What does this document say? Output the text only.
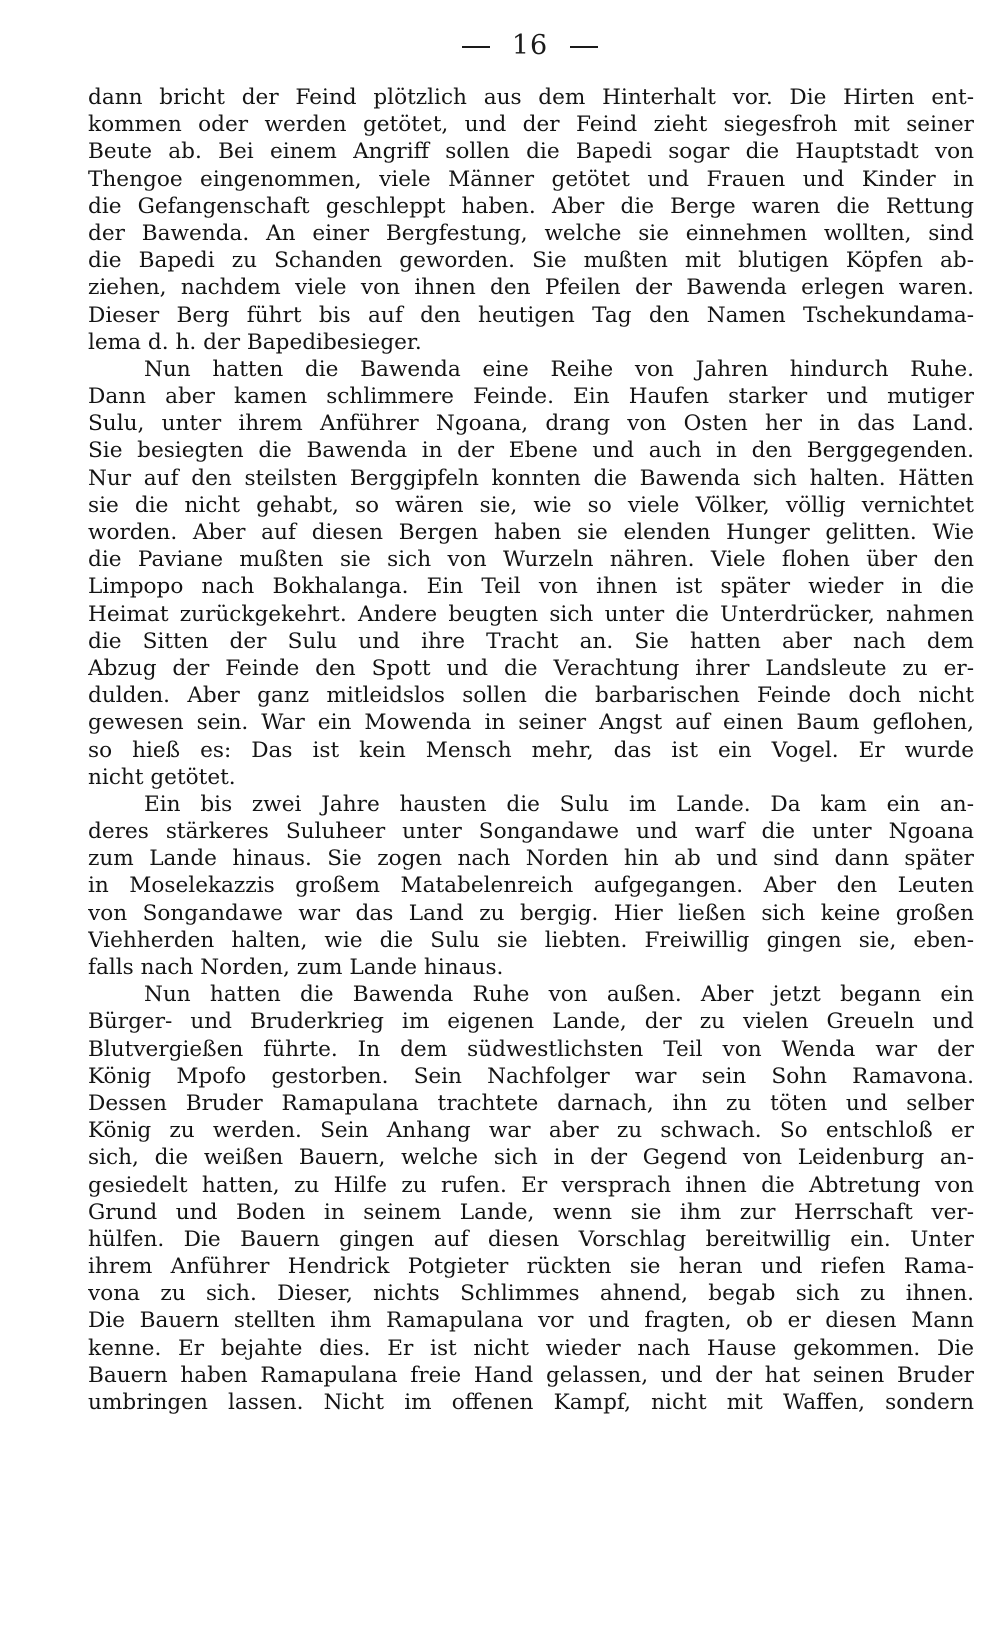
16
dann bricht der Feind plötzlich aus dem Hinterhalt vor. Die Hirten ent-
kommen oder werden getötet, und der Feind zieht siegesfroh mit seiner
Beute ab. Bei einem Angriff sollen die Bapedi sogar die Hauptstadt von
Thengoe eingenommen, viele Männer getötet und Frauen und Kinder in
die Gefangenschaft geschleppt haben. Aber die Berge waren die Rettung
der Bawenda. An einer Bergfestung, welche sie einnehmen wollten, sind
die Bapedi zu Schanden geworden. Sie mußten mit blutigen Köpfen ab-
ziehen, nachdem viele von ihnen den Pfeilen der Bawenda erlegen waren.
Dieser Berg führt bis auf den heutigen Tag den Namen Tschekundama-
lema d. h. der Bapedibesieger.
Nun hatten die Bawenda eine Reihe von Jahren hindurch Ruhe.
Dann aber kamen schlimmere Feinde. Ein Haufen starker und mutiger
Sulu, unter ihrem Anführer Ngoana, drang von Osten her in das Land.
Sie besiegten die Bawenda in der Ebene und auch in den Berggegenden.
Nur auf den steilsten Berggipfeln konnten die Bawenda sich halten. Hätten
sie die nicht gehabt, so wären sie, wie so viele Völker, völlig vernichtet
worden. Aber auf diesen Bergen haben sie elenden Hunger gelitten. Wie
die Paviane mußten sie sich von Wurzeln nähren. Viele flohen über den
Limpopo nach Bokhalanga. Ein Teil von ihnen ist später wieder in die
Heimat zurückgekehrt. Andere beugten sich unter die Unterdrücker, nahmen
die Sitten der Sulu und ihre Tracht an. Sie hatten aber nach dem
Abzug der Feinde den Spott und die Verachtung ihrer Landsleute zu er-
dulden. Aber ganz mitleidslos sollen die barbarischen Feinde doch nicht
gewesen sein. War ein Mowenda in seiner Angst auf einen Baum geflohen,
so hieß es: Das ist kein Mensch mehr, das ist ein Vogel. Er wurde
nicht getötet.
Ein bis zwei Jahre hausten die Sulu im Lande. Da kam ein an-
deres stärkeres Suluheer unter Songandawe und warf die unter Ngoana
zum Lande hinaus. Sie zogen nach Norden hin ab und sind dann später
in Moselekazzis großem Matabelenreich aufgegangen. Aber den Leuten
von Songandawe war das Land zu bergig. Hier ließen sich keine großen
Viehherden halten, wie die Sulu sie liebten. Freiwillig gingen sie, eben-
falls nach Norden, zum Lande hinaus.
Nun hatten die Bawenda Ruhe von außen. Aber jetzt begann ein
Bürger- und Bruderkrieg im eigenen Lande, der zu vielen Greueln und
Blutvergießen führte. In dem südwestlichsten Teil von Wenda war der
König Mpofo gestorben. Sein Nachfolger war sein Sohn Ramavona.
Dessen Bruder Ramapulana trachtete darnach, ihn zu töten und selber
König zu werden. Sein Anhang war aber zu schwach. So entschloß er
sich, die weißen Bauern, welche sich in der Gegend von Leidenburg an-
gesiedelt hatten, zu Hilfe zu rufen. Er versprach ihnen die Abtretung von
Grund und Boden in seinem Lande, wenn sie ihm zur Herrschaft ver-
hülfen. Die Bauern gingen auf diesen Vorschlag bereitwillig ein. Unter
ihrem Anführer Hendrick Potgieter rückten sie heran und riefen Rama-
vona zu sich. Dieser, nichts Schlimmes ahnend, begab sich zu ihnen.
Die Bauern stellten ihm Ramapulana vor und fragten, ob er diesen Mann
kenne. Er bejahte dies. Er ist nicht wieder nach Hause gekommen. Die
Bauern haben Ramapulana freie Hand gelassen, und der hat seinen Bruder
umbringen lassen. Nicht im offenen Kampf, nicht mit Waffen, sondern
